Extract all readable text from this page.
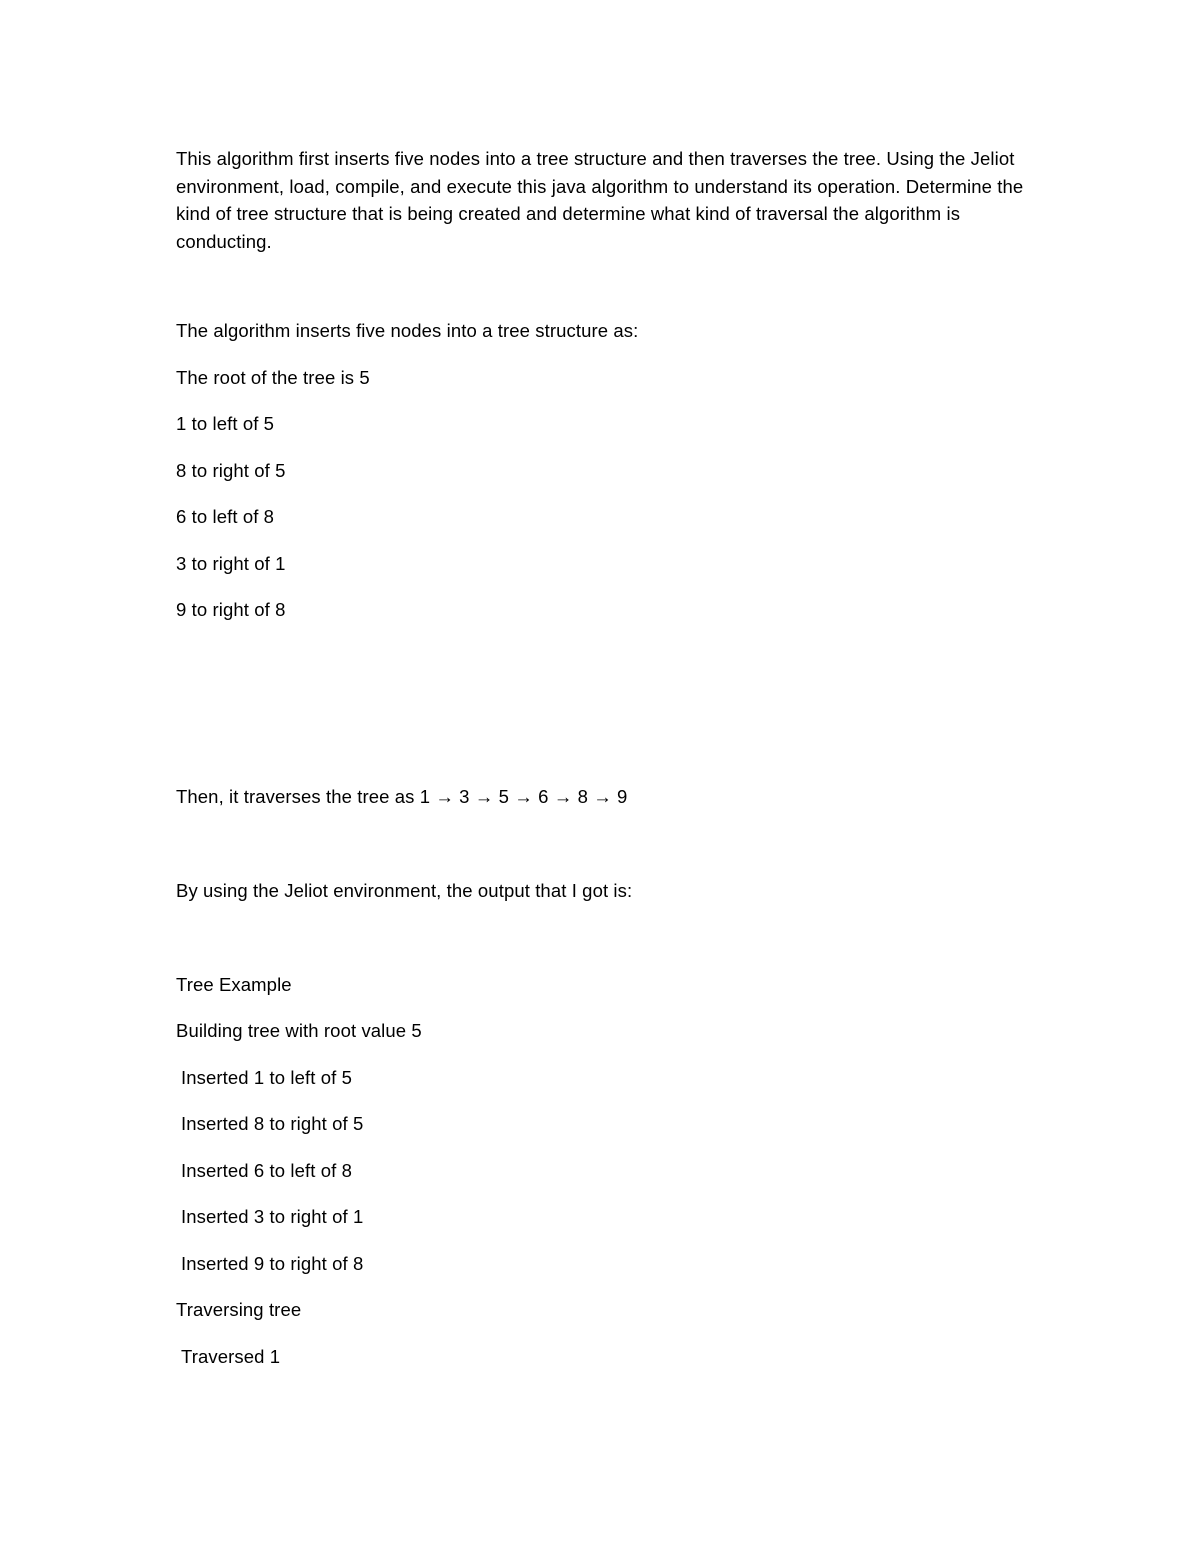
This algorithm first inserts five nodes into a tree structure and then traverses the tree. Using the Jeliot environment, load, compile, and execute this java algorithm to understand its operation. Determine the kind of tree structure that is being created and determine what kind of traversal the algorithm is conducting.
The algorithm inserts five nodes into a tree structure as:
The root of the tree is 5
1 to left of 5
8 to right of 5
6 to left of 8
3 to right of 1
9 to right of 8
Then, it traverses the tree as 1 → 3 → 5 → 6 → 8 → 9
By using the Jeliot environment, the output that I got is:
Tree Example
Building tree with root value 5
Inserted 1 to left of 5
Inserted 8 to right of 5
Inserted 6 to left of 8
Inserted 3 to right of 1
Inserted 9 to right of 8
Traversing tree
Traversed 1
